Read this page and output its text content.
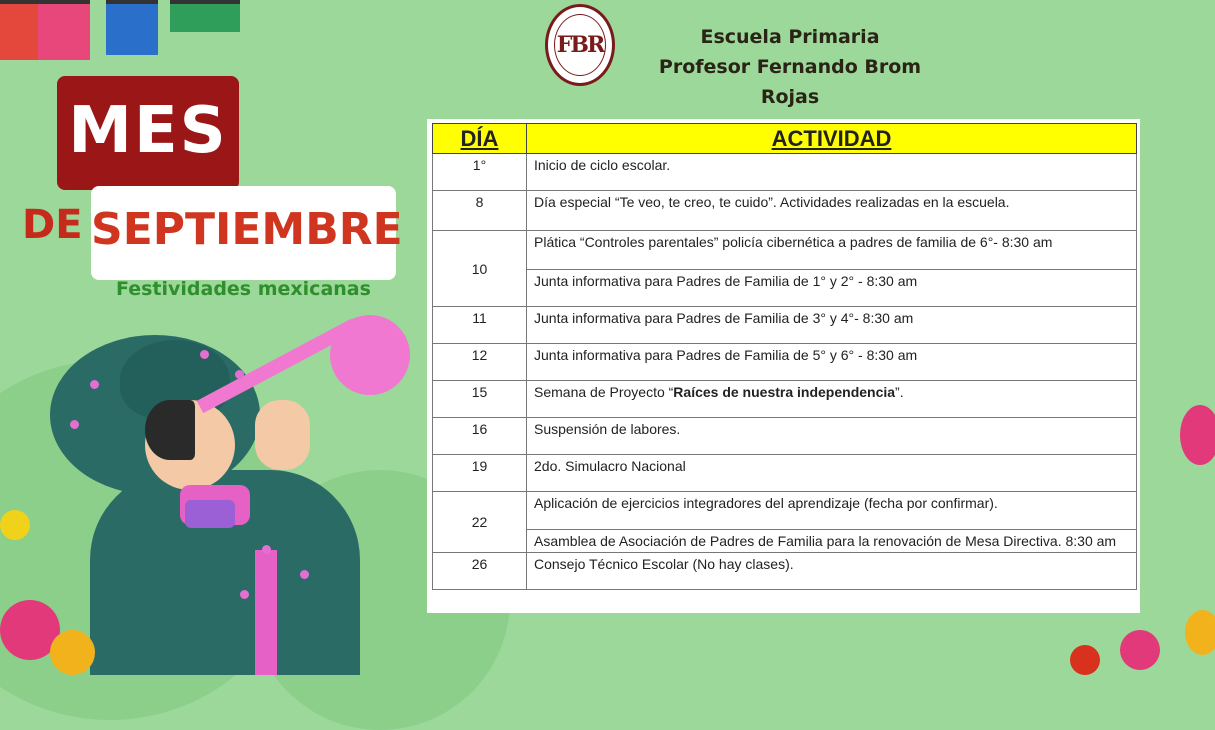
FBR	Escuela Primaria
Profesor Fernando Brom Rojas
MES
DE SEPTIEMBRE
Festividades mexicanas
DÍA	ACTIVIDAD
1°	Inicio de ciclo escolar.
8	Día especial “Te veo, te creo, te cuido”. Actividades realizadas en la escuela.
10	Plática “Controles parentales” policía cibernética a padres de familia de 6°- 8:30 am
	Junta informativa para Padres de Familia de 1° y 2° - 8:30 am
11	Junta informativa para Padres de Familia de 3° y 4°- 8:30 am
12	Junta informativa para Padres de Familia de 5° y 6° - 8:30 am
15	Semana de Proyecto “Raíces de nuestra independencia”.
16	Suspensión de labores.
19	2do. Simulacro Nacional
22	Aplicación de ejercicios integradores del aprendizaje (fecha por confirmar).
	Asamblea de Asociación de Padres de Familia para la renovación de Mesa Directiva. 8:30 am
26	Consejo Técnico Escolar (No hay clases).
